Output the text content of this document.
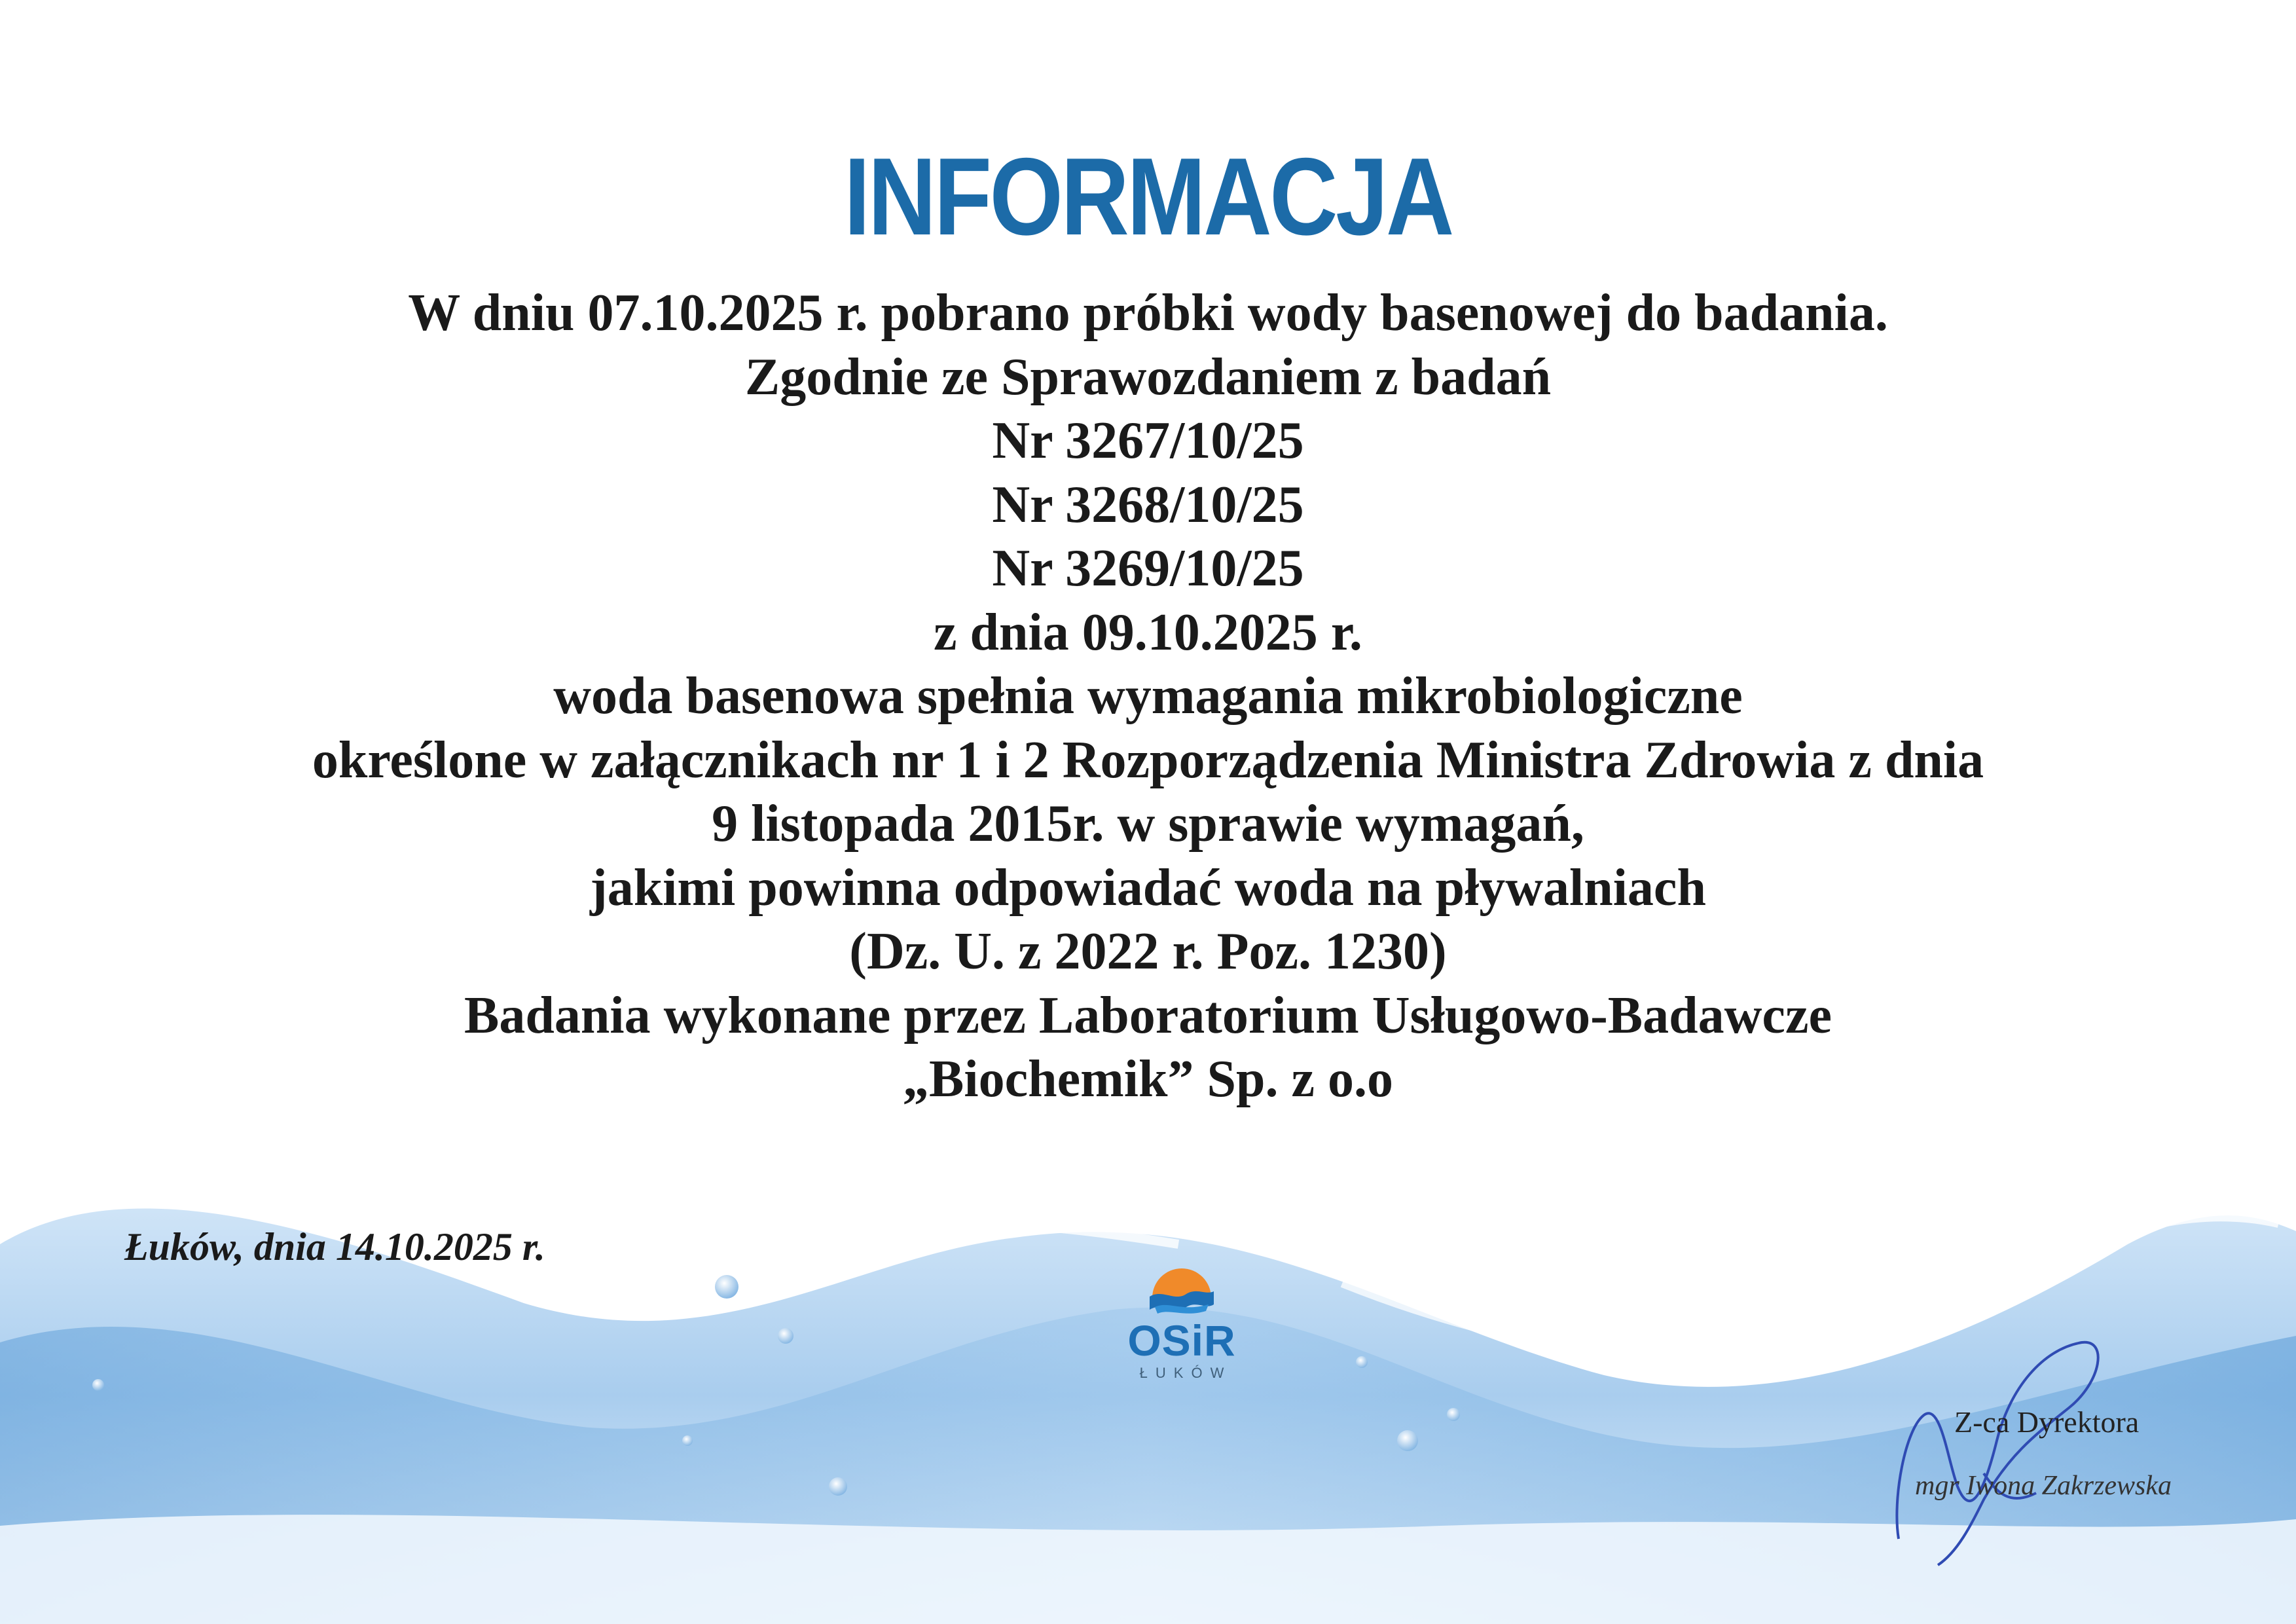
INFORMACJA
W dniu 07.10.2025 r. pobrano próbki wody basenowej do badania.
Zgodnie ze Sprawozdaniem z badań
Nr 3267/10/25
Nr 3268/10/25
Nr 3269/10/25
z dnia 09.10.2025 r.
woda basenowa spełnia wymagania mikrobiologiczne
określone w załącznikach nr 1 i 2 Rozporządzenia Ministra Zdrowia z dnia
9 listopada 2015r. w sprawie wymagań,
jakimi powinna odpowiadać woda na pływalniach
(Dz. U. z 2022 r. Poz. 1230)
Badania wykonane przez Laboratorium Usługowo-Badawcze
„Biochemik” Sp. z o.o
Łuków, dnia 14.10.2025 r.
OSiR
ŁUKÓW
Z-ca Dyrektora
mgr Iwona Zakrzewska
